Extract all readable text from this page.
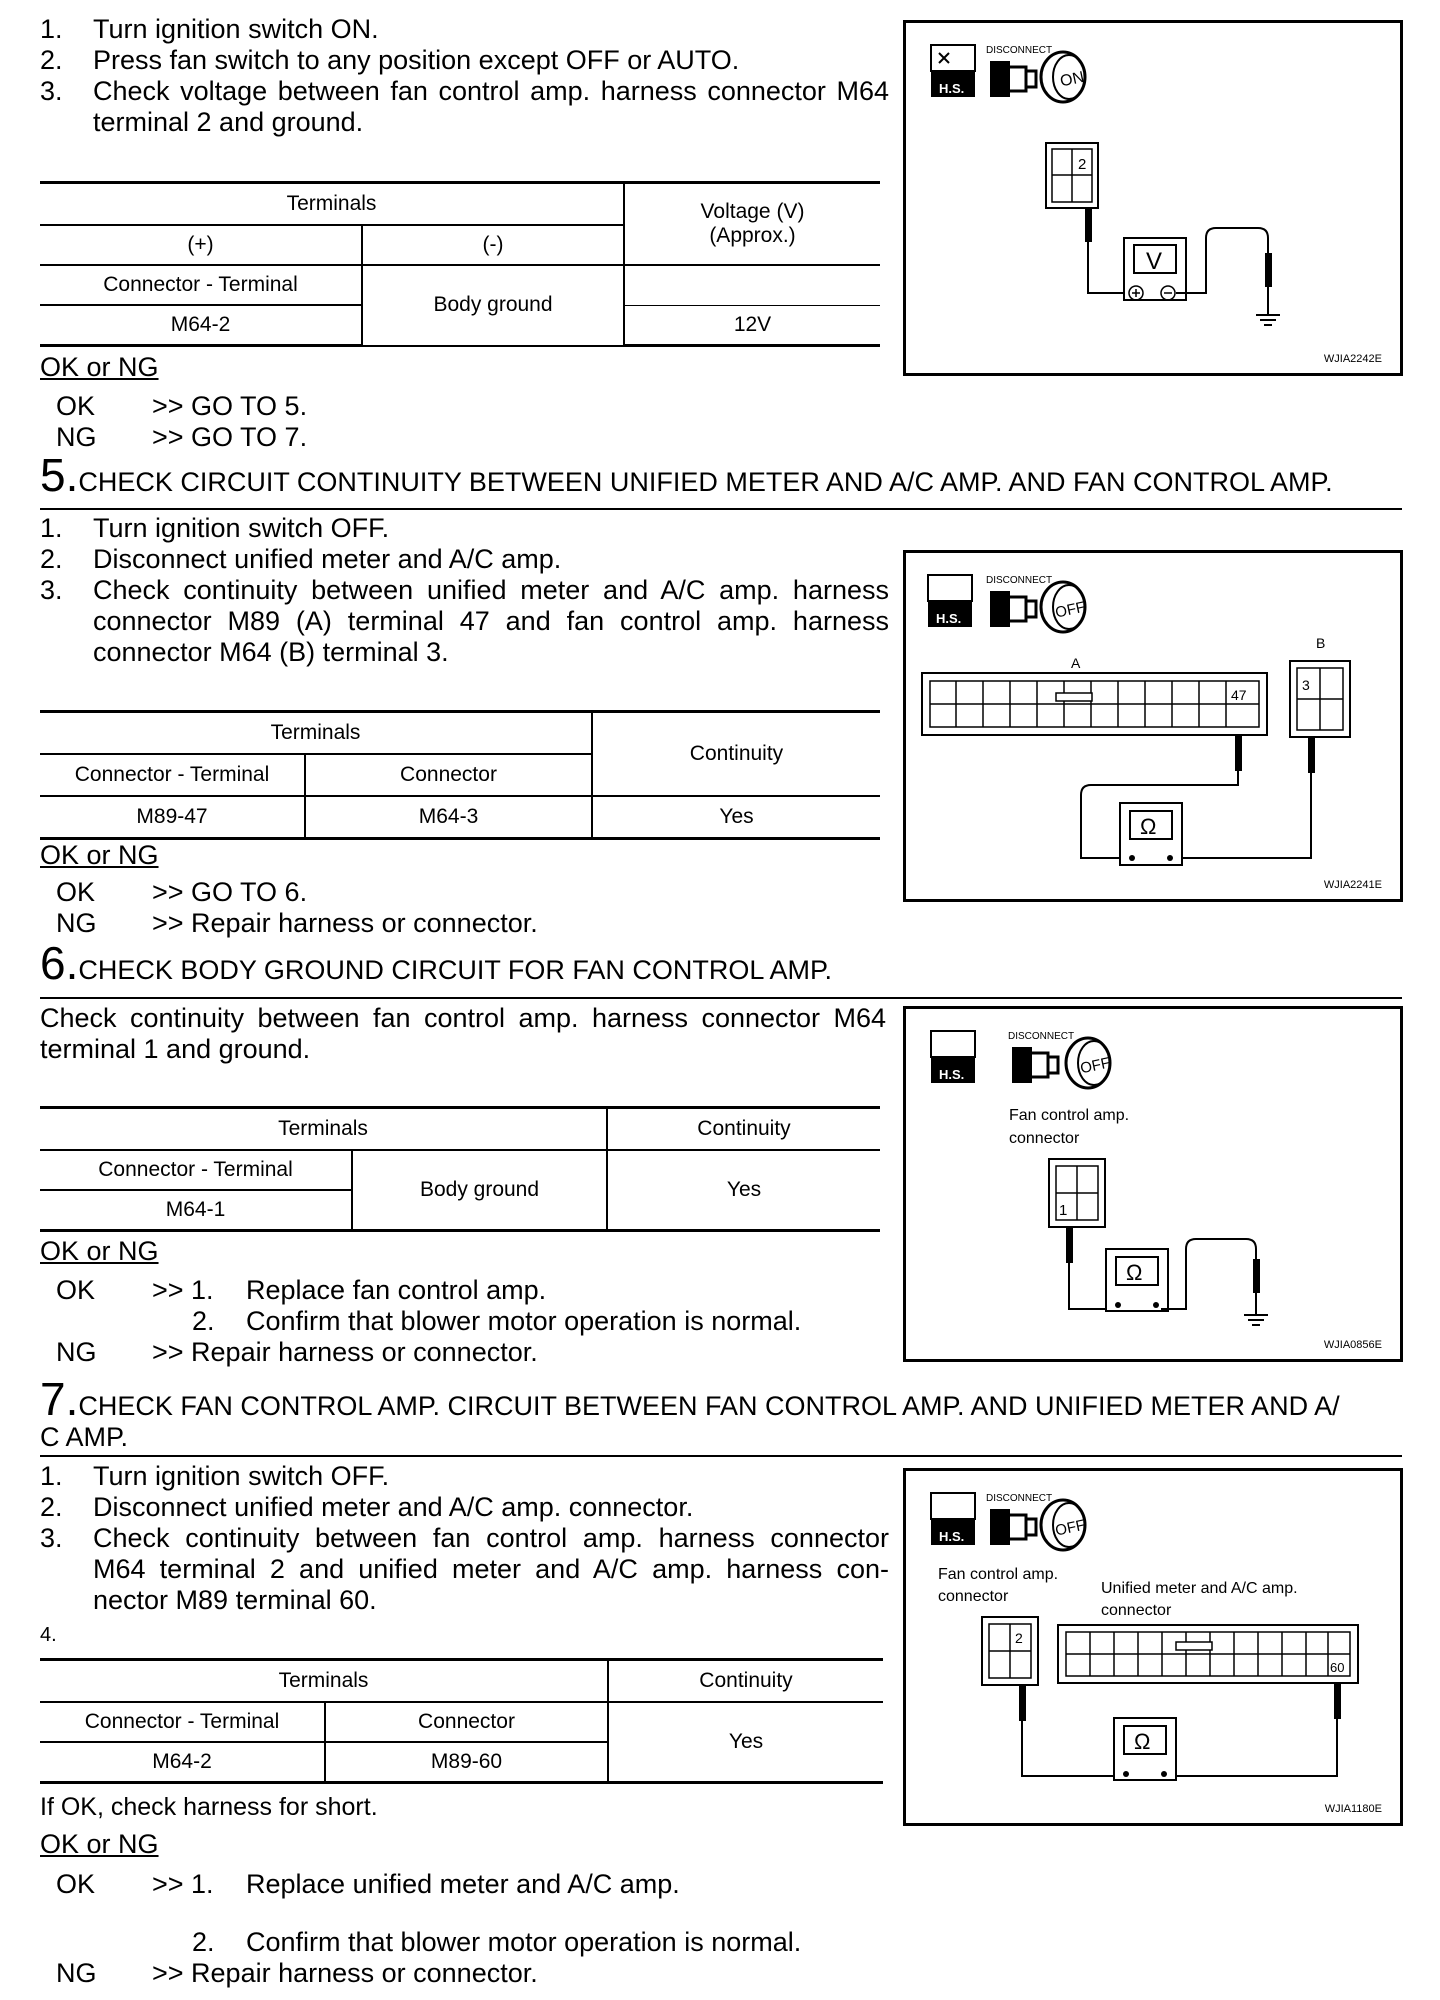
1. Turn ignition switch ON.
2. Press fan switch to any position except OFF or AUTO.
3. Check voltage between fan control amp. harness connector M64 terminal 2 and ground.
Terminals		Voltage (V)
(Approx.)
(+)	(-)	
Connector - Terminal	Body ground	
M64-2		12V
OK or NG
OK >> GO TO 5.
NG >> GO TO 7.
H.S.
DISCONNECT
ON
2
V
WJIA2242E
5.CHECK CIRCUIT CONTINUITY BETWEEN UNIFIED METER AND A/C AMP. AND FAN CONTROL AMP.
1. Turn ignition switch OFF.
2. Disconnect unified meter and A/C amp.
3. Check continuity between unified meter and A/C amp. harness connector M89 (A) terminal 47 and fan control amp. harness connector M64 (B) terminal 3.
Terminals		Continuity
Connector - Terminal	Connector	
M89-47	M64-3	Yes
OK or NG
OK >> GO TO 6.
NG >> Repair harness or connector.
H.S.
DISCONNECT
OFF
A
B
47
3
Ω
WJIA2241E
6.CHECK BODY GROUND CIRCUIT FOR FAN CONTROL AMP.
Check continuity between fan control amp. harness connector M64 terminal 1 and ground.
Terminals		Continuity
Connector - Terminal	Body ground	Yes
M64-1		
OK or NG
OK >> 1. Replace fan control amp.
2. Confirm that blower motor operation is normal.
NG >> Repair harness or connector.
H.S.
DISCONNECT
OFF
Fan control amp.
connector
1
Ω
WJIA0856E
7.CHECK FAN CONTROL AMP. CIRCUIT BETWEEN FAN CONTROL AMP. AND UNIFIED METER AND A/
C AMP.
1. Turn ignition switch OFF.
2. Disconnect unified meter and A/C amp. connector.
3. Check continuity between fan control amp. harness connector M64 terminal 2 and unified meter and A/C amp. harness con- nector M89 terminal 60.
4.
Terminals		Continuity
Connector - Terminal	Connector	Yes
M64-2	M89-60	
If OK, check harness for short.
OK or NG
OK >> 1. Replace unified meter and A/C amp.
2. Confirm that blower motor operation is normal.
NG >> Repair harness or connector.
H.S.
DISCONNECT
OFF
Fan control amp.
connector	Unified meter and A/C amp.
connector
2
60
Ω
WJIA1180E
